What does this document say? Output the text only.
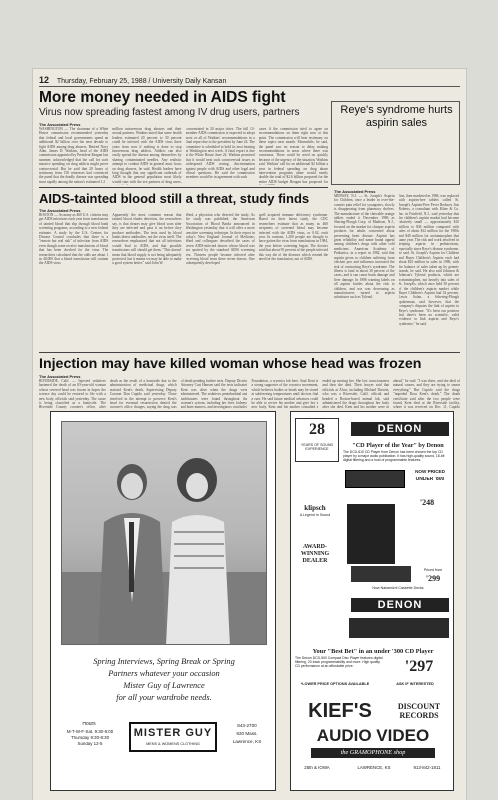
12 Thursday, February 25, 1988 / University Daily Kansan
More money needed in AIDS fight
Virus now spreading fastest among IV drug users, partners
The Associated Press
WASHINGTON — The chairman of a White House commission recommended yesterday that federal and local governments spend an additional $2 billion over the next decade to fight AIDS among drug abusers. Retired Navy Adm. James D. Watkins, head of the AIDS commission appointed by President Reagan last summer, acknowledged that the call for such massive spending on drug addicts might prove controversial. But he said that 20 hours of testimony from 150 witnesses had convinced the panel that the deadly disease was spreading most rapidly among the nation's estimated 1.2
million intravenous drug abusers and their sexual partners. Watkins noted that some health leaders estimated 20 percent to 30 percent could be infected with the AIDS virus three years from now if nothing is done to stop intravenous drug addicts. Addicts can also easily spread the disease among themselves by sharing contaminated needles. Any realistic attempt to combat AIDS in general must focus on drug abusers, he said. Health leaders have long thought that any significant outbreak of AIDS in the general population most likely would start with the sex partners of drug users,
concentrated in 20 major cities. The full 13-member AIDS commission is expected to adopt most or all of Watkins' recommendations in a final report due to the president by June 24. The committee is scheduled to hold its next hearing in Washington next week. A final report is due at the White House June 24. Watkins promised that it would treat such controversial issues as widespread AIDS testing, discrimination against people with AIDS and other legal and ethical questions. He said the commission members would be in agreement with such
cases if the commission tried to agree on recommendations on them right now at this point. The commission will hear testimony on these topics next month. Meanwhile, he said, the panel saw no reason to delay making recommendations in areas where there was consensus. These could be acted on quickly because of the urgency of the situation, Watkins said. Watkins' call for an additional $2 billion a year in federal spending on drug abuse intervention programs alone would nearly double the total of $2.6 billion proposed for the entire AIDS budget Reagan has proposed for
Reye's syndrome hurts aspirin sales
The Associated Press
MIDWAY, N.J. — St. Joseph's Aspirin for Children, once a leader in over-the-counter pain relief for youngsters, slowly is disappearing from pharmacy shelves. The manufacturer of the chewable orange tablets ended it December 1986 as Shering-Plough Corp. of Madison, N.J., focused on the market for cheaper aspirin products for adults concerned about preventing heart disease. Aspirin has great reliability and name brand appeal among children's drugs with other cold medicines. American Academy of Pediatrics, in a report in 1982, said that aspirin given to children suffering from chicken pox and influenza increased the risk of contracting Reye's syndrome. The illness is fatal in about 30 percent of the cases, and it can cause brain damage and liver damage. In 1986 warning labels on all aspirin bottles about the risk to children, and use was decreasing as manufacturers turned to aspirin substitutes such as Tylenol.
first, then marketed in 1986, was replaced with aspirin-free tablets called St. Joseph's Aspirin-Free Fever Reducer. Jim Roberts, a consultant with Kline & Co. Inc. in Fairfield, N.J., said yesterday that the children's aspirin market had become relatively small — approximately $10 million to $36 million compared with sales of about $12 million for the 1980s and $40 million for acetaminophen that same year. The risk and work involved in keeping aspirin in pediatricians, especially since Reye's disease syndrome, he said. St. Joseph's Aspirin for Children and Bayer Children's Aspirin each had about $10 million in sales in 1986, with the balance of sales taken up by generic brands, he said. He also said Johnson & Johnson's Tylenol products, which are acetaminophen, not heavily into sales of St. Joseph's, which once held 50 percent of the children's aspirin market while Bayer Children's Aspirin had 34 percent. Lewis Solan, a Schering-Plough spokesman, said however, that the company's disputes the link of aspirin to Reye's syndrome. "It's been our position that there's been no scientific, valid evidence to link aspirin and Reye's syndrome," he said.
AIDS-tainted blood still a threat, study finds
The Associated Press
BOSTON — As many as 460 U.S. citizens may get AIDS infections each year from transfusions of tainted blood that slip through blood bank screening programs, according to a new federal estimate. A study by the U.S. Centers for Disease Control concludes that there is a "remote but real risk" of infection from AIDS even though some receive transfusions of blood that has been checked for the virus. The researchers calculated that the odds are about 1 in 40,000 that a blood transfusion will contain the AIDS virus.
Apparently the most common reason that tainted blood eludes detection, the researchers say, is that donors may give blood soon after they are infected and pass it on before they produce antibodies. The tests used by blood banks detect antibodies, not the virus itself. The researchers emphasized that not all infections would lead to AIDS, and that possible transfusions will should get them. "This doesn't mean that blood supply is not being adequately protected, but it means we may be able to make a good system better," said John W.
Ward, a physician who directed the study. As the study was published, the American Association of Blood Banks announced in Washington yesterday that it will offer a more sensitive screening technique. In their report in today's New England Journal of Medicine, Ward and colleagues described the cases of seven AIDS-infected donors whose blood was not spotted by the standard AIDS screening test. Thirteen people became infected after receiving blood from these seven donors. One subsequently developed
spell acquired immune deficiency syndrome. Based on their latent study, the CDC researchers estimate that as many as 460 recipients of screened blood may become infected with the AIDS virus, or 0.02, each year. In contrast, 1,200 people are thought to have gotten the virus from transfusions in 1984, the year before screening began. The doctors said that about 95 percent of the people infected this way die of the diseases which created the need for the transfusion, not of AIDS.
Injection may have killed woman whose head was frozen
The Associated Press
RIVERSIDE, Calif. — Injected sedatives hastened the death of an 83-year-old woman whose severed head was frozen in hopes the science day could be restored to life with a new body, officials said yesterday. The cause is being classified as a homicide. The Riverside County coroner's office, after
death as the result of a homicide due to the administration of medicinal drugs, which assisted Kent's death, Supervising Deputy Coroner Dan Cupido said yesterday. Those involved in the attempt to preserve Kent's head for eventual resurrection denied the coroner's office charges, saying the drug was
of death pending further tests. Deputy District Attorney Curt Hansen said the tests indicated Kent was alive when the drugs were administered. The sedatives pentobarbital and barbiturates were found throughout the woman's system, including her liver, kidneys and bone marrow, and investigators concluded
Foundation, a cryonics lab here. Saul Kent is a strong supporter of the cryonics movement, which believes bodies or heads may be stored at subfreezing temperatures until doctors find a cure. He said future medical advances could be able to revive his mother and give her a new body. Kent and his mother consulted a
ended up moving her. She lost consciousness and then she died. Their lawyer said that officials at Alcor, including Michael Darwin, who was a Riverside, Calif. official and headed a Boston-based animal lab, said administered the drugs throughout her body after she died. Kent and his mother were in
ahead," he said. "I was there, and she died of natural causes, and they are trying to smear everything." But Cupido said the drugs "impeded Dora Kent's death." The death certificate said after the two people were found, Kent died at the Riverside facility, where it was received on Dec. 11, Cupido
Spring Interviews, Spring Break or Spring
Partners whatever your occasion
Mister Guy of Lawrence
for all your wardrobe needs.
Hours
M-T-W-F-Sat. 9:30-6:00
Thursday 9:30-8:30
Sunday 12-5
MISTER GUY
MENS & WOMENS CLOTHING
843-2700
920 Mass.
Lawrence, KS
28
YEARS OF SOUND EXPERIENCE
DENON
"CD Player of the Year" by Denon
The DCD-610 CD Player from Denon has been chosen the top CD player by a major audio publication. It has high-quality sound, 18-bit digital filtering and a host of programmable features.
NOW PRICED
UNDER '800
klipsch
A Legend In Sound
AWARD-WINNING DEALER
'248
Now Nakamichi Cassette Decks
Priced from
'299
DENON
Your "Best Bet" in an under '300 CD Player
The Denon DCD-500 Compact Disc Player features digital filtering, 20-track programmability and more. High quality CD performance at an affordable price.	'297
*LOWER PRICE OPTIONS AVAILABLE	ASK IF INTERESTED
KIEF'S	DISCOUNT RECORDS
AUDIO VIDEO
the GRAMOPHONE shop
25th & IOWA	LAWRENCE, KS	913-842-1811
